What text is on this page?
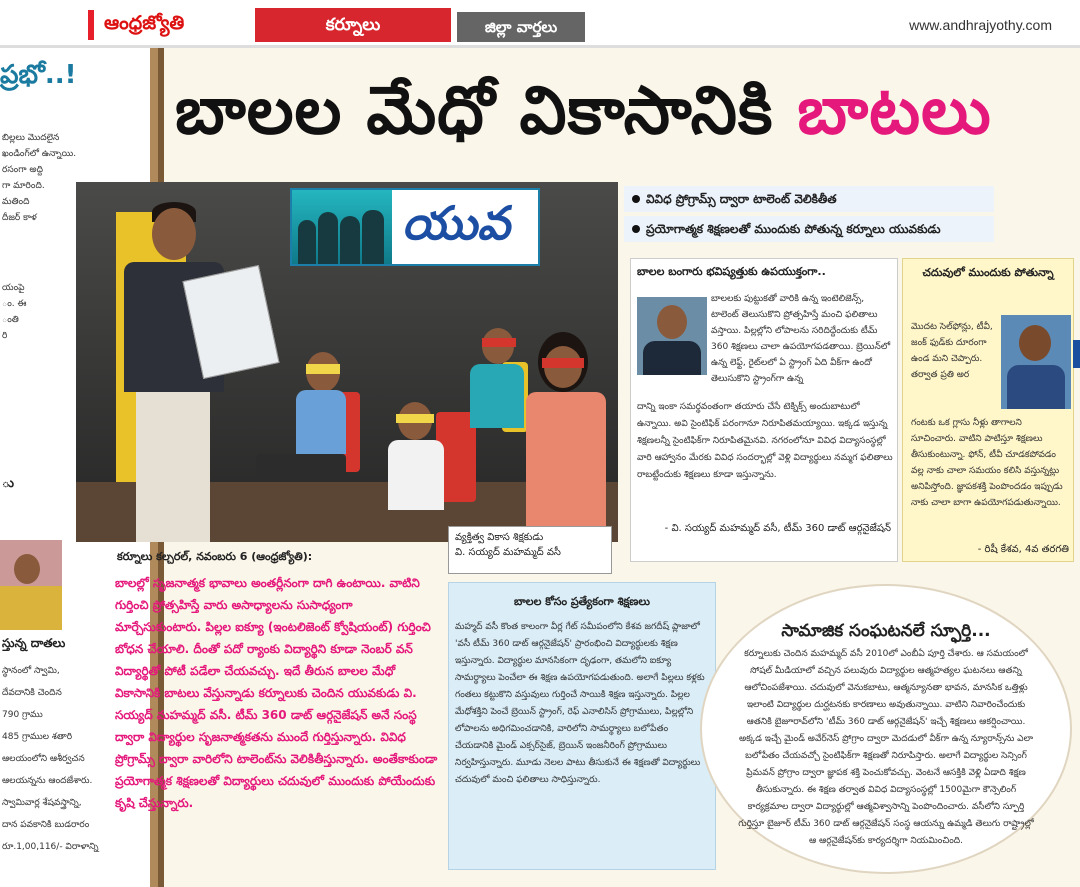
ఆంధ్రజ్యోతి	కర్నూలు	జిల్లా వార్తలు	www.andhrajyothy.com
ప్రభో..!
బిల్లలు మొదలైన
ఖండింగ్‌లో ఉన్నాయి.
రసంగా అద్ది
గా మారింది.
మతింది
దీజర్ కాళ
యంపై
ం. ఈ
ంతి
రి
ు
స్తున్న దాతలు
స్థానంలో స్వామి,
దేవదానికి చెందిన
790 గ్రాము
485 గ్రాముల శతారి
ఆలయంలోని ఆశీర్వచన
ఆలయన్నను ఆందజేశారు.
స్వామివార్ల శేషవస్త్రాన్ని,
దాన పవకానికి బుడరారం
రూ.1,00,116/- విరాళాన్ని
బాలల మేధో వికాసానికి బాటలు
యువ
వ్యక్తిత్వ వికాస శిక్షకుడు
వి. సయ్యద్ మహమ్మద్ వసీ
కర్నూలు కల్చరల్, నవంబరు 6 (ఆంధ్రజ్యోతి):
బాలల్లో సృజనాత్మక భావాలు అంతర్లీనంగా దాగి ఉంటాయి. వాటిని గుర్తించి ప్రోత్సహిస్తే వారు అసాధ్యాలను సుసాధ్యంగా మార్చేసుకుంటారు. పిల్లల ఐక్యూ (ఇంటలిజెంట్ క్వోషియంట్) గుర్తించి బోధన చేయాలి. దీంతో పదో ర్యాంకు విద్యార్థిని కూడా నెంబర్ వన్ విద్యార్థితో పోటీ పడేలా చేయవచ్చు. ఇదే తీరున బాలల మేధో వికాసానికి బాటలు వేస్తున్నాడు కర్నూలుకు చెందిన యువకుడు వి. సయ్యద్ మహమ్మద్ వసీ. టీమ్ 360 డాట్ ఆర్గనైజేషన్ అనే సంస్థ ద్వారా విద్యార్థుల సృజనాత్మకతను ముందే గుర్తిస్తున్నారు. వివిధ ప్రోగ్రామ్స్ ద్వారా వారిలోని టాలెంట్‌ను వెలికితీస్తున్నారు. అంతేకాకుండా ప్రయోగాత్మక శిక్షణలతో విద్యార్థులు చదువులో ముందుకు పోయేందుకు కృషి చేస్తున్నారు.
వివిధ ప్రోగ్రామ్స్ ద్వారా టాలెంట్ వెలికితీత
ప్రయోగాత్మక శిక్షణలతో ముందుకు పోతున్న కర్నూలు యువకుడు
బాలల బంగారు భవిష్యత్తుకు ఉపయుక్తంగా..
బాలలకు పుట్టుకతో వారికి ఉన్న ఇంటెలిజెన్స్, టాలెంట్ తెలుసుకొని ప్రోత్సహిస్తే మంచి ఫలితాలు వస్తాయి. పిల్లల్లోని లోపాలను సరిదిద్దేందుకు టీమ్ 360 శిక్షణలు చాలా ఉపయోగపడతాయి. బ్రెయిన్‌లో ఉన్న లెఫ్ట్, రైట్‌లలో ఏ స్ట్రాంగ్ ఏది వీక్‌గా ఉందో తెలుసుకొని స్ట్రాంగ్‌గా ఉన్న
దాన్ని ఇంకా సమర్థవంతంగా తయారు చేసే టెక్నిక్స్ అందుబాటులో ఉన్నాయి. అవి సైంటిఫిక్ పరంగానూ నిరూపితమయ్యాయి. ఇక్కడ ఇస్తున్న శిక్షణలన్నీ సైంటిఫిక్‌గా నిరూపితమైనవి. నగరంలోనూ వివిధ విద్యాసంస్థల్లో వారి ఆహ్వానం మేరకు వివిధ సందర్భాల్లో వెళ్లి విద్యార్థులు నమ్మగ ఫలితాలు రాబట్టేందుకు శిక్షణలు కూడా ఇస్తున్నాను.
- వి. సయ్యద్ మహమ్మద్ వసీ, టీమ్ 360 డాట్ ఆర్గనైజేషన్
చదువులో ముందుకు పోతున్నా
మొదట సెల్‌ఫోన్లు, టీవీ, జంక్ ఫుడ్‌కు దూరంగా ఉండ మని చెప్పారు. తర్వాత ప్రతి అర
గంటకు ఒక గ్లాసు నీళ్లు తాగాలని సూచించారు. వాటిని పాటిస్తూ శిక్షణలు తీసుకుంటున్నా. ఫోన్, టీవీ చూడకపోవడం వల్ల నాకు చాలా సమయం కలిసి వస్తున్నట్లు అనిపిస్తోంది. జ్ఞాపకశక్తి పెంపొందడం ఇప్పుడు నాకు చాలా బాగా ఉపయోగపడుతున్నాయి.
- రిషీ కేశవ, 4వ తరగతి
బాలల కోసం ప్రత్యేకంగా శిక్షణలు
మహ్మద్ వసీ కొంత కాలంగా వీర్ల గేట్ సమీపంలోని కేశవ జగదీష్ ప్లాజాలో 'వసీ టీమ్ 360 డాట్ ఆర్గనైజేషన్' ప్రారంభించి విద్యార్థులకు శిక్షణ ఇస్తున్నారు. విద్యార్థుల మానసికంగా దృఢంగా, తమలోని ఐక్యూ సామర్థ్యాలు పెంచేలా ఈ శిక్షణ ఉపయోగపడుతుంది. అలాగే పిల్లలు కళ్లకు గంతలు కట్టుకొని వస్తువులు గుర్తించే సాయికి శిక్షణ ఇస్తున్నారు. పిల్లల మేధోశక్తిని పెంచే బ్రెయిన్ స్ట్రాంగ్, రెఫ్ ఎనాలిసిస్ ప్రోగ్రాములు, పిల్లల్లోని లోపాలను అధిగమించడానికి, వారిలోని సామర్థ్యాలు బలోపేతం చేయడానికి మైండ్ ఎక్సర్‌సైజ్, బ్రెయిన్ ఇంజనీరింగ్ ప్రోగ్రాములు నిర్వహిస్తున్నారు. మూడు నెలల పాటు తీసుకునే ఈ శిక్షణతో విద్యార్థులు చదువులో మంచి ఫలితాలు సాధిస్తున్నారు.
సామాజిక సంఘటనలే స్ఫూర్తి...
కర్నూలుకు చెందిన మహమ్మద్ వసీ 2010లో ఎంబీఏ పూర్తి చేశారు. ఆ సమయంలో సోషల్ మీడియాలో వచ్చిన పలువురు విద్యార్థుల ఆత్మహత్యల ఘటనలు ఆతన్ని ఆలోచింపజేశాయి. చదువులో వెనుకబాటు, ఆత్మన్యూనతా భావన, మానసిక ఒత్తిళ్లు ఇలాంటి విద్యార్థుల దుర్ఘటనకు కారణాలు అవుతున్నాయి. వాటిని నివారించేందుకు ఆతనికి బైజూరావ్‌లోని 'టీమ్ 360 డాట్ ఆర్గనైజేషన్' ఇచ్చే శిక్షణలు ఆకర్షించాయి. అక్కడ ఇచ్చే మైండ్ అవేర్‌నెస్ ప్రోగ్రాం ద్వారా మెదడులో వీక్‌గా ఉన్న న్యూరాన్స్‌ను ఎలా బలోపేతం చేయవచ్చో సైంటిఫిక్‌గా శిక్షణతో నిరూపిస్తారు. అలాగే విద్యార్థుల సెన్సింగ్ ప్రిమవన్ ప్రోగ్రాం ద్వారా జ్ఞాపక శక్తి పెంచుకోవచ్చు. వెంటనే ఆసక్తికి వెళ్లి ఏడాది శిక్షణ తీసుకున్నారు. ఈ శిక్షణ తర్వాత వివిధ విద్యాసంస్థల్లో 1500మైగా కౌన్సెలింగ్ కార్యక్రమాల ద్వారా విద్యార్థుల్లో ఆత్మవిశ్వాసాన్ని పెంపొందించారు. వసీలోని స్ఫూర్తి గుర్తిస్తూ బైజూర్ టీమ్ 360 డాట్ ఆర్గనైజేషన్ సంస్థ ఆయన్ను ఉమ్మడి తెలుగు రాష్ట్రాల్లో ఆ ఆర్గనైజేషన్‌కు కార్యదర్శిగా నియమించింది.
